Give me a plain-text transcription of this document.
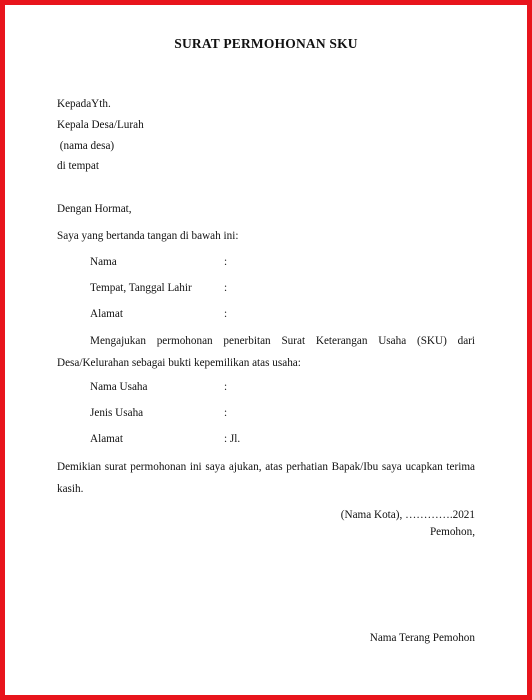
SURAT PERMOHONAN SKU
KepadaYth.
Kepala Desa/Lurah
(nama desa)
di tempat
Dengan Hormat,
Saya yang bertanda tangan di bawah ini:
Nama	:
Tempat, Tanggal Lahir	:
Alamat	:
Mengajukan permohonan penerbitan Surat Keterangan Usaha (SKU) dari Desa/Kelurahan sebagai bukti kepemilikan atas usaha:
Nama Usaha	:
Jenis Usaha	:
Alamat	: Jl.
Demikian surat permohonan ini saya ajukan, atas perhatian Bapak/Ibu saya ucapkan terima kasih.
(Nama Kota), ………….2021
Pemohon,
Nama Terang Pemohon
